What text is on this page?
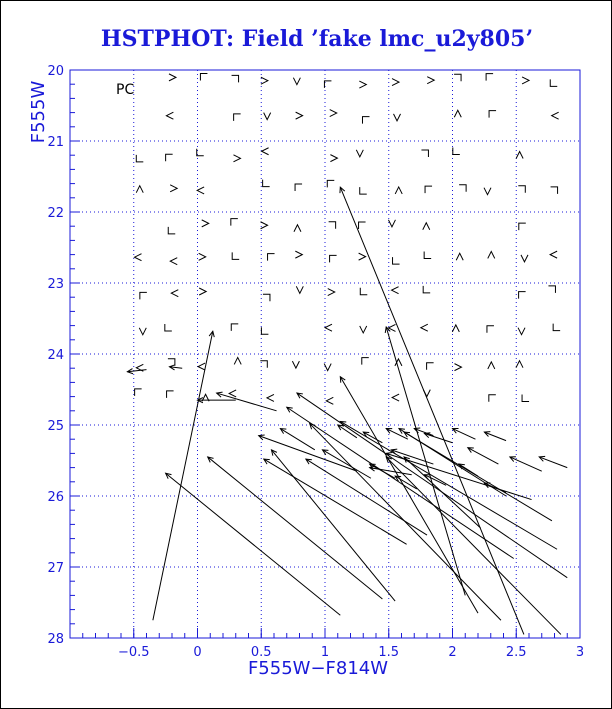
HSTPHOT: Field ’fake lmc_u2y805’
−0.5	0	0.5	1	1.5	2	2.5	3
20
21
22
23
24
25
26
27
28
PC
F555W−F814W
F555W
